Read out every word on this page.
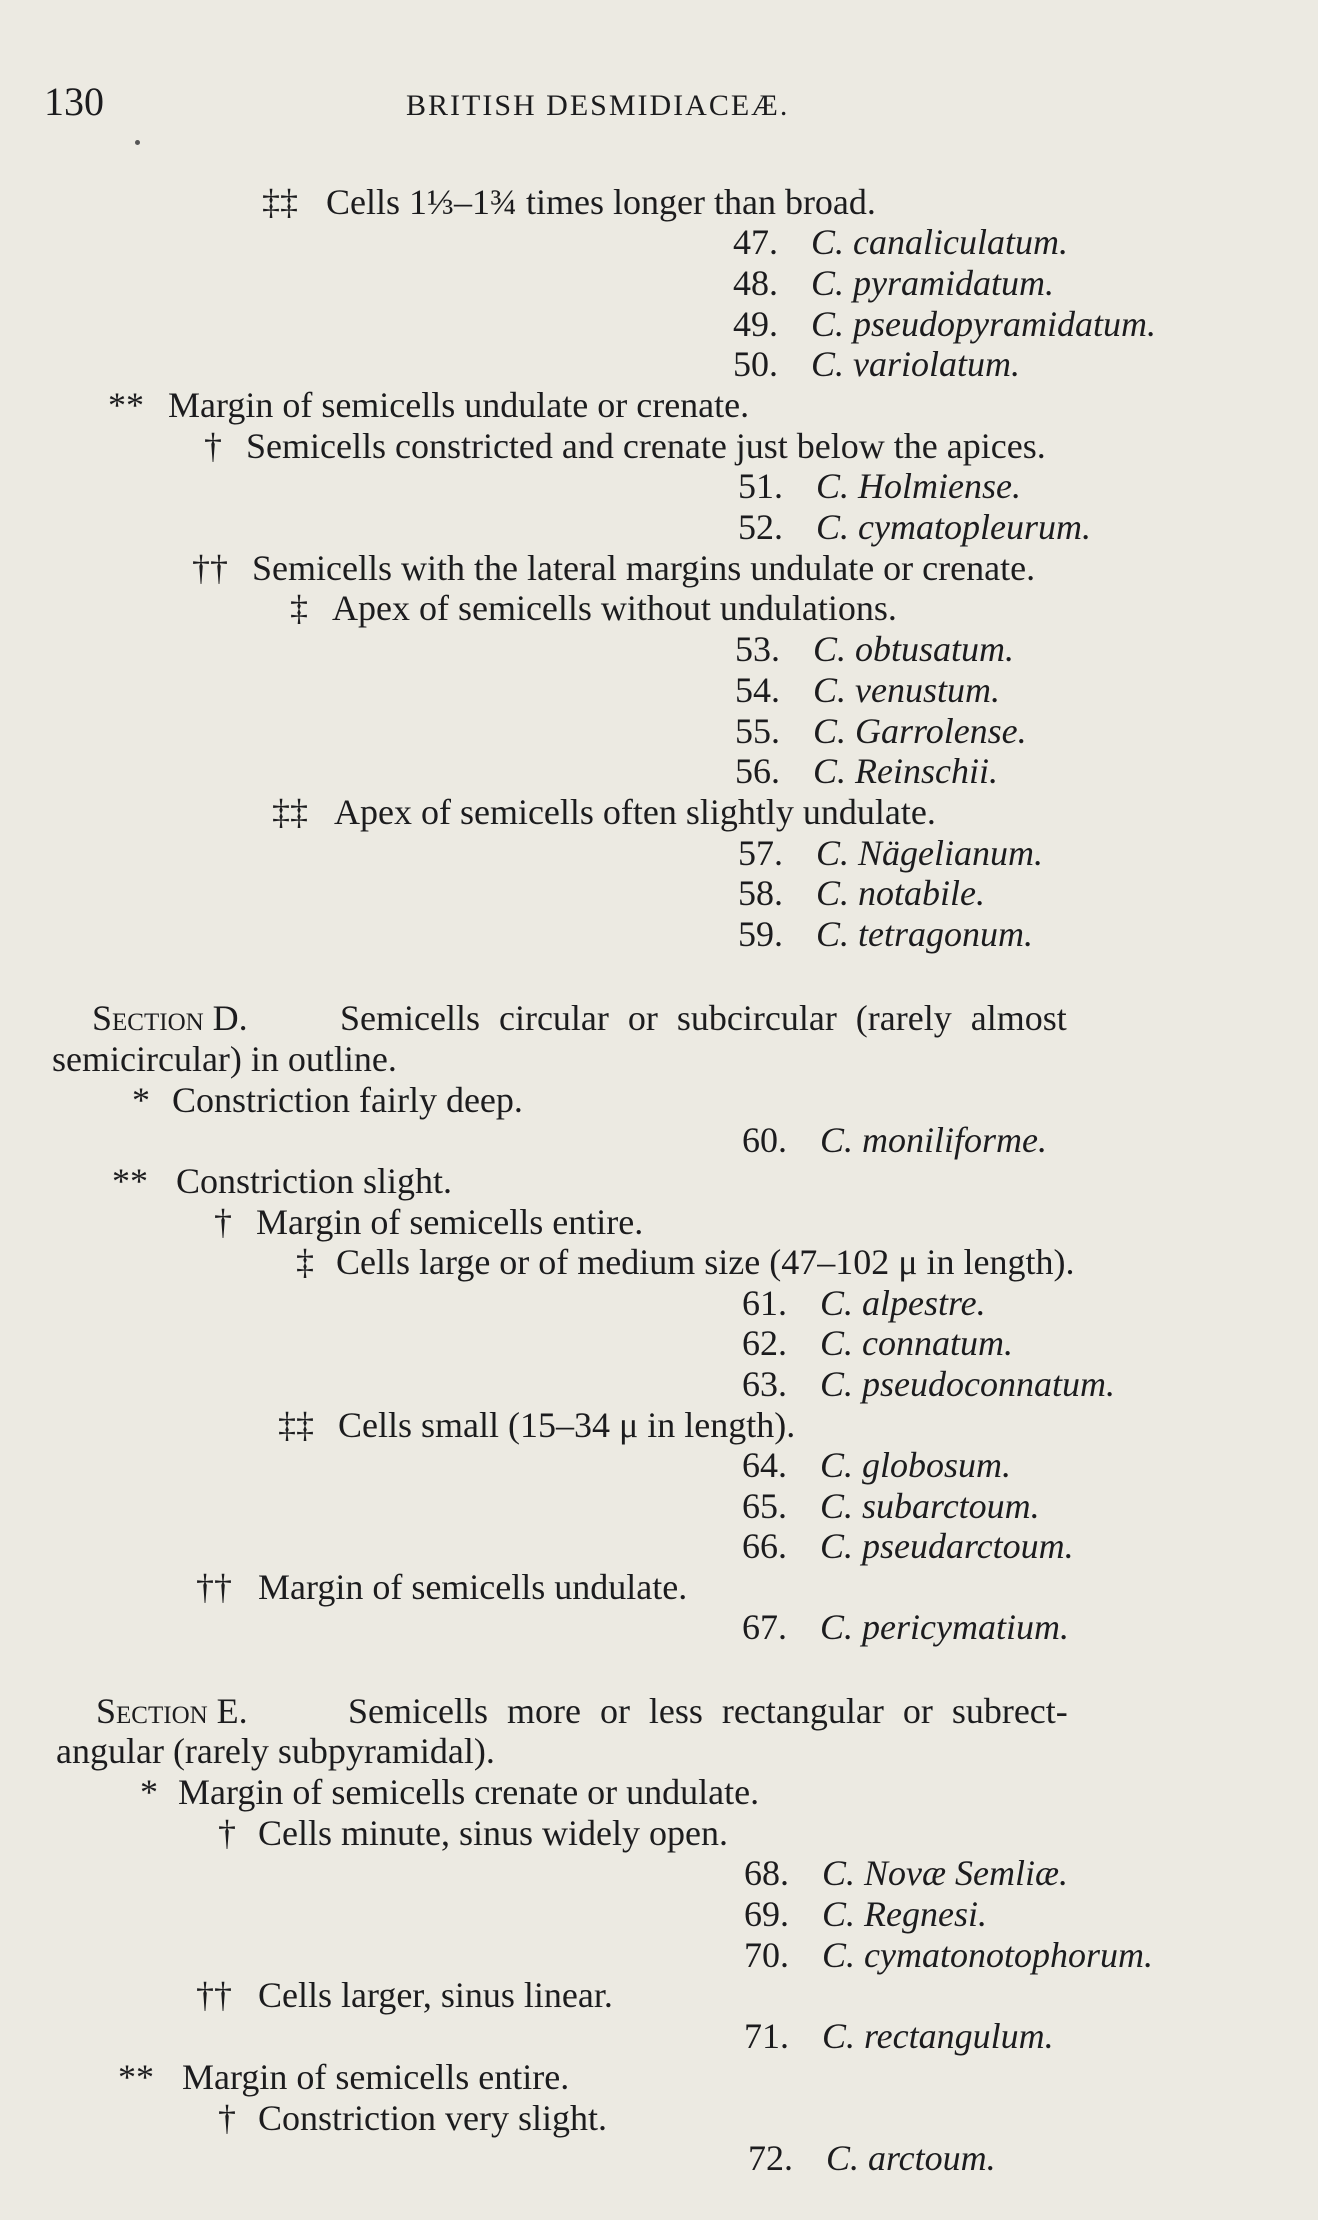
130	BRITISH DESMIDIACEÆ.
‡‡ Cells 1⅓–1¾ times longer than broad.
47. C. canaliculatum.
48. C. pyramidatum.
49. C. pseudopyramidatum.
50. C. variolatum.
** Margin of semicells undulate or crenate.
† Semicells constricted and crenate just below the apices.
51. C. Holmiense.
52. C. cymatopleurum.
†† Semicells with the lateral margins undulate or crenate.
‡ Apex of semicells without undulations.
53. C. obtusatum.
54. C. venustum.
55. C. Garrolense.
56. C. Reinschii.
‡‡ Apex of semicells often slightly undulate.
57. C. Nägelianum.
58. C. notabile.
59. C. tetragonum.
Section D.	Semicells circular or subcircular (rarely almost
semicircular) in outline.
* Constriction fairly deep.
60. C. moniliforme.
** Constriction slight.
† Margin of semicells entire.
‡ Cells large or of medium size (47–102 μ in length).
61. C. alpestre.
62. C. connatum.
63. C. pseudoconnatum.
‡‡ Cells small (15–34 μ in length).
64. C. globosum.
65. C. subarctoum.
66. C. pseudarctoum.
†† Margin of semicells undulate.
67. C. pericymatium.
Section E.	Semicells more or less rectangular or subrect-
angular (rarely subpyramidal).
* Margin of semicells crenate or undulate.
† Cells minute, sinus widely open.
68. C. Novæ Semliæ.
69. C. Regnesi.
70. C. cymatonotophorum.
†† Cells larger, sinus linear.
71. C. rectangulum.
** Margin of semicells entire.
† Constriction very slight.
72. C. arctoum.
